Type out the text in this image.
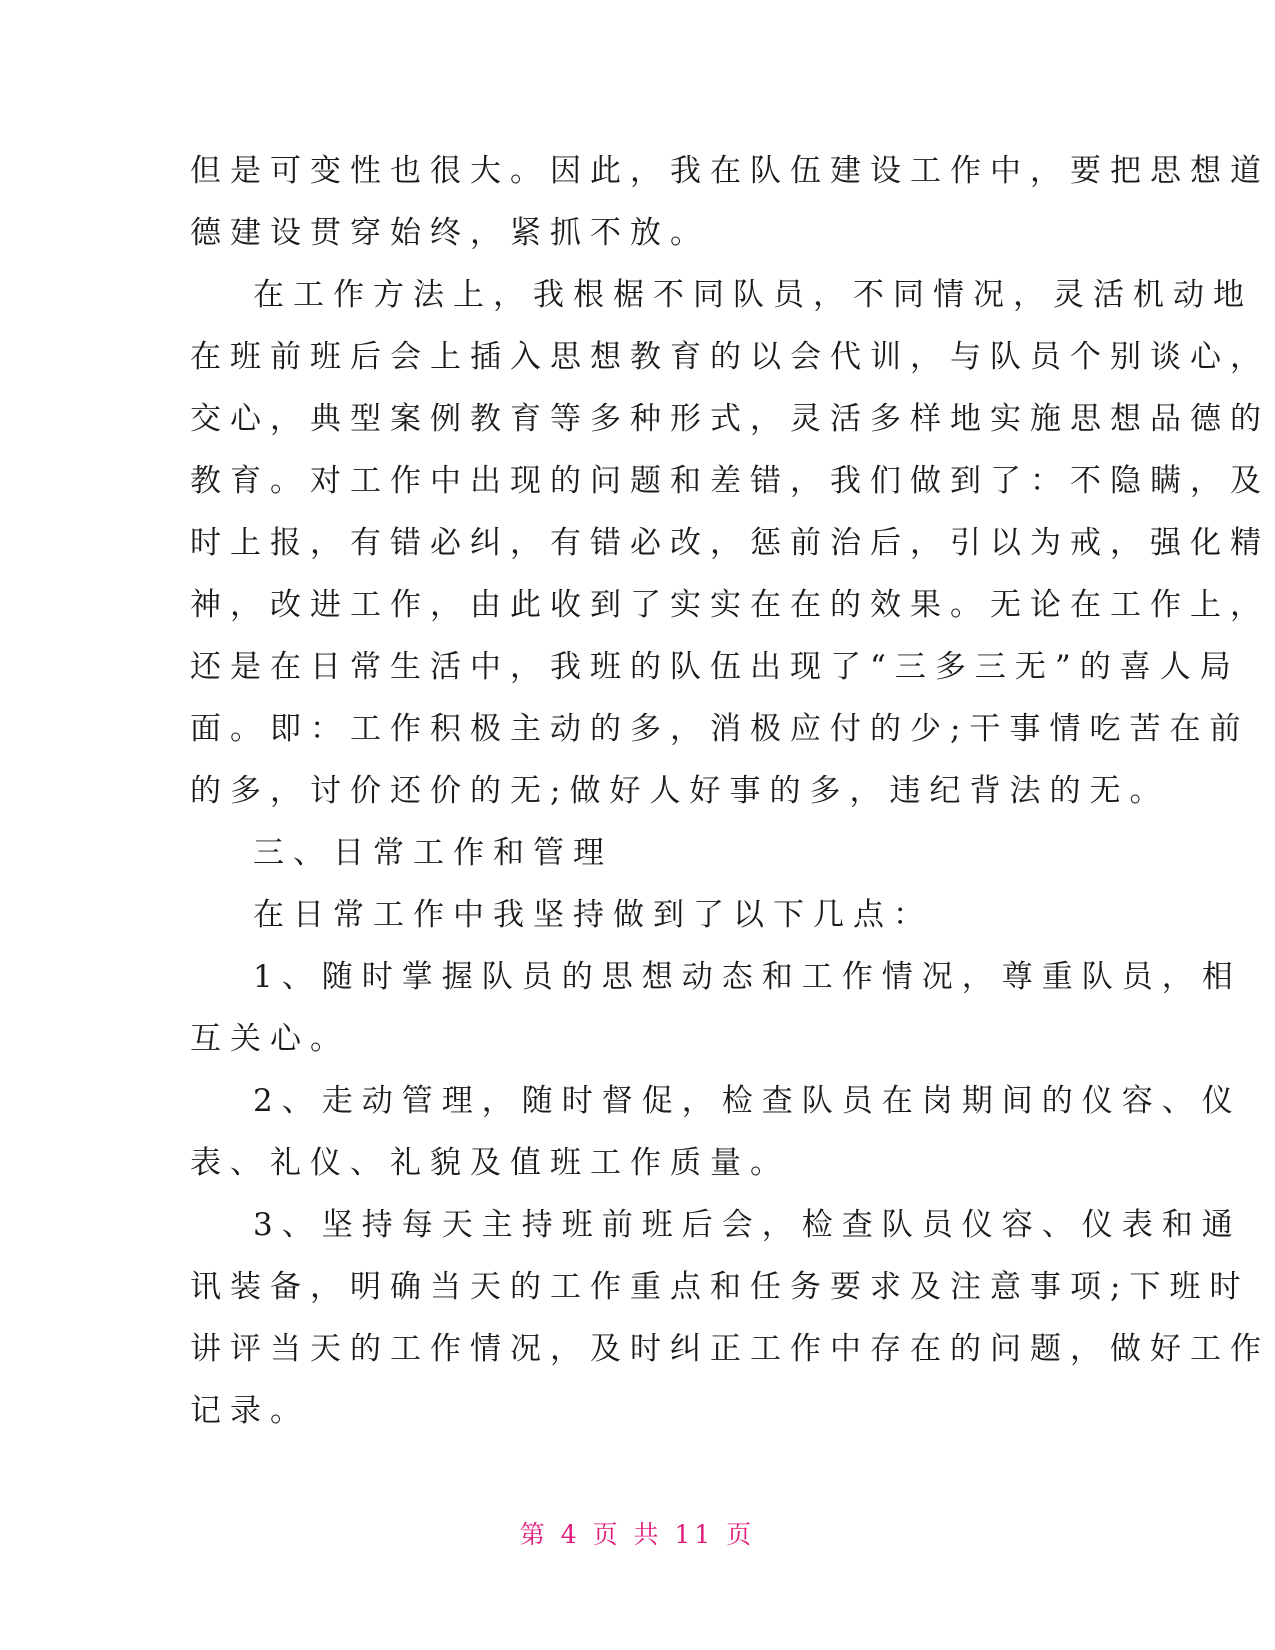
但是可变性也很大。因此，我在队伍建设工作中，要把思想道
德建设贯穿始终，紧抓不放。
在工作方法上，我根椐不同队员，不同情况，灵活机动地
在班前班后会上插入思想教育的以会代训，与队员个别谈心，
交心，典型案例教育等多种形式，灵活多样地实施思想品德的
教育。对工作中出现的问题和差错，我们做到了：不隐瞒，及
时上报，有错必纠，有错必改，惩前治后，引以为戒，强化精
神，改进工作，由此收到了实实在在的效果。无论在工作上，
还是在日常生活中，我班的队伍出现了“三多三无”的喜人局
面。即：工作积极主动的多，消极应付的少;干事情吃苦在前
的多，讨价还价的无;做好人好事的多，违纪背法的无。
三、日常工作和管理
在日常工作中我坚持做到了以下几点：
1、随时掌握队员的思想动态和工作情况，尊重队员，相
互关心。
2、走动管理，随时督促，检查队员在岗期间的仪容、仪
表、礼仪、礼貌及值班工作质量。
3、坚持每天主持班前班后会，检查队员仪容、仪表和通
讯装备，明确当天的工作重点和任务要求及注意事项;下班时
讲评当天的工作情况，及时纠正工作中存在的问题，做好工作
记录。
第 4 页 共 11 页
